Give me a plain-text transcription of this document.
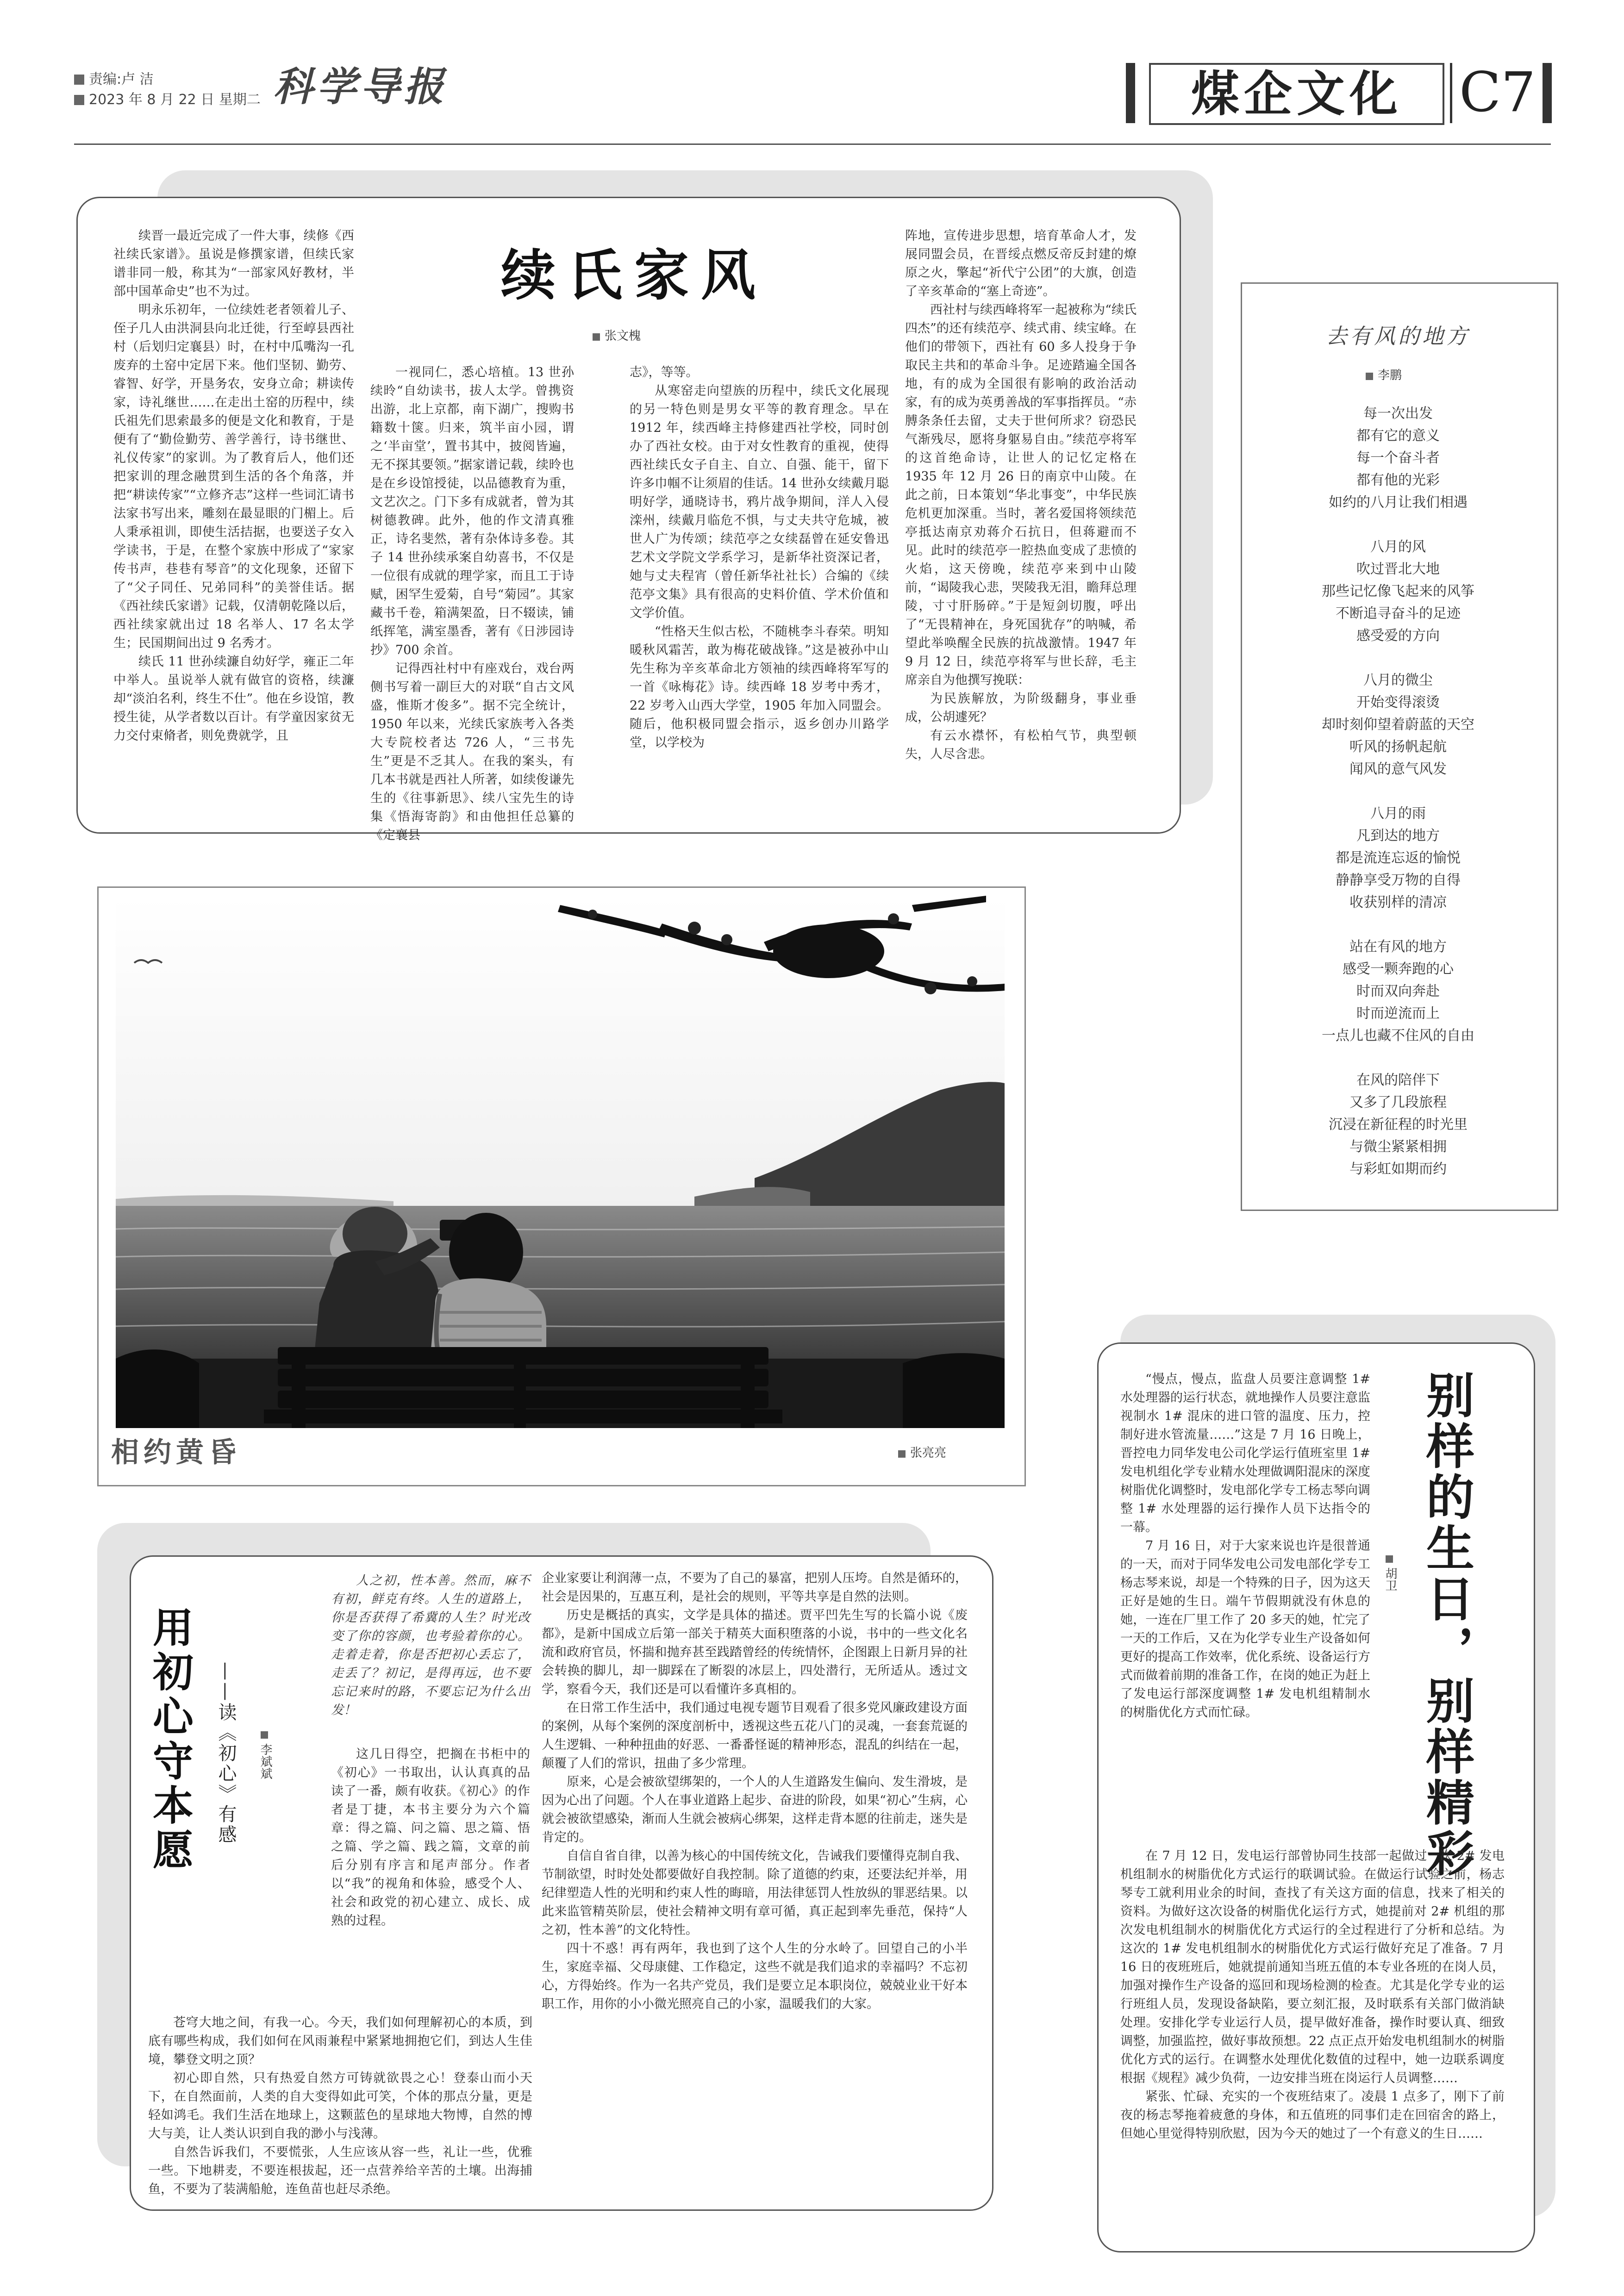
责编:卢 洁
2023 年 8 月 22 日 星期二 科学导报	煤企文化	C7
续氏家风
张文槐

续晋一最近完成了一件大事，续修《西社续氏家谱》。虽说是修撰家谱，但续氏家谱非同一般，称其为“一部家风好教材，半部中国革命史”也不为过。

明永乐初年，一位续姓老者领着儿子、侄子几人由洪洞县向北迁徙，行至崞县西社村（后划归定襄县）时，在村中瓜嘴沟一孔废弃的土窑中定居下来。他们坚韧、勤劳、睿智、好学，开垦务农，安身立命；耕读传家，诗礼继世……在走出土窑的历程中，续氏祖先们思索最多的便是文化和教育，于是便有了“勤俭勤劳、善学善行，诗书继世、礼仪传家”的家训。为了教育后人，他们还把家训的理念融贯到生活的各个角落，并把“耕读传家”“立修齐志”这样一些词汇请书法家书写出来，雕刻在最显眼的门楣上。后人秉承祖训，即使生活拮据，也要送子女入学读书，于是，在整个家族中形成了“家家传书声，巷巷有琴音”的文化现象，还留下了“父子同任、兄弟同科”的美誉佳话。据《西社续氏家谱》记载，仅清朝乾隆以后，西社续家就出过 18 名举人、17 名太学生；民国期间出过 9 名秀才。

续氏 11 世孙续濂自幼好学，雍正二年中举人。虽说举人就有做官的资格，续濂却“淡泊名利，终生不仕”。他在乡设馆，教授生徒，从学者数以百计。有学童因家贫无力交付束脩者，则免费就学，且

一视同仁，悉心培植。13 世孙续昤“自幼读书，拔人太学。曾携资出游，北上京都，南下湖广，搜购书籍数十箧。归来，筑半亩小园，谓之‘半亩堂’，置书其中，披阅皆遍，无不探其要领。”据家谱记载，续昤也是在乡设馆授徒，以品德教育为重，文艺次之。门下多有成就者，曾为其树德教碑。此外，他的作文清真雅正，诗名斐然，著有杂体诗多卷。其子 14 世孙续承案自幼喜书，不仅是一位很有成就的理学家，而且工于诗赋，困罕生爱菊，自号“菊园”。其家藏书千卷，箱满架盈，日不辍读，铺纸挥笔，满室墨香，著有《日涉园诗抄》700 余首。

记得西社村中有座戏台，戏台两侧书写着一副巨大的对联“自古文风盛，惟斯才俊多”。据不完全统计，1950 年以来，光续氏家族考入各类大专院校者达 726 人，“三书先生”更是不乏其人。在我的案头，有几本书就是西社人所著，如续俊谦先生的《往事新思》、续八宝先生的诗集《悟海寄韵》和由他担任总纂的《定襄县

志》，等等。

从寒窑走向望族的历程中，续氏文化展现的另一特色则是男女平等的教育理念。早在 1912 年，续西峰主持修建西社学校，同时创办了西社女校。由于对女性教育的重视，使得西社续氏女子自主、自立、自强、能干，留下许多巾帼不让须眉的佳话。14 世孙女续戴月聪明好学，通晓诗书，鸦片战争期间，洋人入侵滦州，续戴月临危不惧，与丈夫共守危城，被世人广为传颂；续范亭之女续磊曾在延安鲁迅艺术文学院文学系学习，是新华社资深记者，她与丈夫程宵（曾任新华社社长）合编的《续范亭文集》具有很高的史料价值、学术价值和文学价值。

“性格天生似古松，不随桃李斗春荣。明知暖秋风霜苦，敢为梅花破战锋。”这是被孙中山先生称为辛亥革命北方领袖的续西峰将军写的一首《咏梅花》诗。续西峰 18 岁考中秀才，22 岁考入山西大学堂，1905 年加入同盟会。随后，他积极同盟会指示，返乡创办川路学堂，以学校为

阵地，宣传进步思想，培育革命人才，发展同盟会员，在晋绥点燃反帝反封建的燎原之火，擎起“祈代宁公团”的大旗，创造了辛亥革命的“塞上奇迹”。

西社村与续西峰将军一起被称为“续氏四杰”的还有续范亭、续式甫、续宝峰。在他们的带领下，西社有 60 多人投身于争取民主共和的革命斗争。足迹踏遍全国各地，有的成为全国很有影响的政治活动家，有的成为英勇善战的军事指挥员。“赤膊条条任去留，丈夫于世何所求？窃恐民气渐残尽，愿将身躯易自由。”续范亭将军的这首绝命诗，让世人的记忆定格在 1935 年 12 月 26 日的南京中山陵。在此之前，日本策划“华北事变”，中华民族危机更加深重。当时，著名爱国将领续范亭抵达南京劝蒋介石抗日，但蒋避而不见。此时的续范亭一腔热血变成了悲愤的火焰，这天傍晚，续范亭来到中山陵前，“谒陵我心悲，哭陵我无泪，瞻拜总理陵，寸寸肝肠碎。”于是短剑切腹，呼出了“无畏精神在，身死国犹存”的呐喊，希望此举唤醒全民族的抗战激情。1947 年 9 月 12 日，续范亭将军与世长辞，毛主席亲自为他撰写挽联：

为民族解放，为阶级翻身，事业垂成，公胡遽死？

有云水襟怀，有松柏气节，典型顿失，人尽含悲。

去有风的地方
李鹏
每一次出发
都有它的意义
每一个奋斗者
都有他的光彩
如约的八月让我们相遇
八月的风
吹过晋北大地
那些记忆像飞起来的风筝
不断追寻奋斗的足迹
感受爱的方向
八月的微尘
开始变得滚烫
却时刻仰望着蔚蓝的天空
听风的扬帆起航
闻风的意气风发
八月的雨
凡到达的地方
都是流连忘返的愉悦
静静享受万物的自得
收获别样的清凉
站在有风的地方
感受一颗奔跑的心
时而双向奔赴
时而逆流而上
一点儿也藏不住风的自由
在风的陪伴下
又多了几段旅程
沉浸在新征程的时光里
与微尘紧紧相拥
与彩虹如期而约
相约黄昏	张亮亮	别样的生日，别样精彩
胡卫

“慢点，慢点，监盘人员要注意调整 1# 水处理器的运行状态，就地操作人员要注意监视制水 1# 混床的进口管的温度、压力，控制好进水管流量……”这是 7 月 16 日晚上，晋控电力同华发电公司化学运行值班室里 1# 发电机组化学专业精水处理做调阳混床的深度树脂优化调整时，发电部化学专工杨志琴向调整 1# 水处理器的运行操作人员下达指令的一幕。

7 月 16 日，对于大家来说也许是很普通的一天，而对于同华发电公司发电部化学专工杨志琴来说，却是一个特殊的日子，因为这天正好是她的生日。端午节假期就没有休息的她，一连在厂里工作了 20 多天的她，忙完了一天的工作后，又在为化学专业生产设备如何更好的提高工作效率，优化系统、设备运行方式而做着前期的准备工作，在岗的她正为赶上了发电运行部深度调整 1# 发电机组精制水的树脂优化方式而忙碌。

在 7 月 12 日，发电运行部曾协同生技部一起做过一次 2# 发电机组制水的树脂优化方式运行的联调试验。在做运行试验之前，杨志琴专工就利用业余的时间，查找了有关这方面的信息，找来了相关的资料。为做好这次设备的树脂优化运行方式，她提前对 2# 机组的那次发电机组制水的树脂优化方式运行的全过程进行了分析和总结。为这次的 1# 发电机组制水的树脂优化方式运行做好充足了准备。7 月 16 日的夜班班后，她就提前通知当班五值的本专业各班的在岗人员，加强对操作生产设备的巡回和现场检测的检查。尤其是化学专业的运行班组人员，发现设备缺陷，要立刻汇报，及时联系有关部门做消缺处理。安排化学专业运行人员，提早做好准备，操作时要认真、细致调整，加强监控，做好事故预想。22 点正点开始发电机组制水的树脂优化方式的运行。在调整水处理优化数值的过程中，她一边联系调度根据《规程》减少负荷，一边安排当班在岗运行人员调整……

紧张、忙碌、充实的一个夜班结束了。凌晨 1 点多了，刚下了前夜的杨志琴拖着疲惫的身体，和五值班的同事们走在回宿舍的路上，但她心里觉得特别欣慰，因为今天的她过了一个有意义的生日……

用初心守本愿 ——读《初心》有感 李斌斌
人之初，性本善。然而，麻不有初，鲜克有终。人生的道路上，你是否获得了希冀的人生？时光改变了你的容颜，也考验着你的心。走着走着，你是否把初心丢忘了，走丢了？初记，是得再远，也不要忘记来时的路，不要忘记为什么出发！

这几日得空，把搁在书柜中的《初心》一书取出，认认真真的品读了一番，颇有收获。《初心》的作者是丁捷，本书主要分为六个篇章：得之篇、问之篇、思之篇、悟之篇、学之篇、践之篇，文章的前后分别有序言和尾声部分。作者以“我”的视角和体验，感受个人、社会和政党的初心建立、成长、成熟的过程。

苍穹大地之间，有我一心。今天，我们如何理解初心的本质，到底有哪些构成，我们如何在风雨兼程中紧紧地拥抱它们，到达人生佳境，攀登文明之顶？

初心即自然，只有热爱自然方可铸就欲畏之心！登泰山而小天下，在自然面前，人类的自大变得如此可笑，个体的那点分量，更是轻如鸿毛。我们生活在地球上，这颗蓝色的星球地大物博，自然的博大与美，让人类认识到自我的渺小与浅薄。

自然告诉我们，不要慌张，人生应该从容一些，礼让一些，优雅一些。下地耕麦，不要连根拔起，还一点营养给辛苦的土壤。出海捕鱼，不要为了装满船舱，连鱼苗也赶尽杀绝。

企业家要让利润薄一点，不要为了自己的暴富，把别人压垮。自然是循环的，社会是因果的，互惠互利，是社会的规则，平等共享是自然的法则。

历史是概括的真实，文学是具体的描述。贾平凹先生写的长篇小说《废都》，是新中国成立后第一部关于精英大面积堕落的小说，书中的一些文化名流和政府官员，怀揣和抛弃甚至践踏曾经的传统情怀，企图跟上日新月异的社会转换的脚儿，却一脚踩在了断裂的冰层上，四处潜行，无所适从。透过文学，察看今天，我们还是可以看懂许多真相的。

在日常工作生活中，我们通过电视专题节目观看了很多党风廉政建设方面的案例，从每个案例的深度剖析中，透视这些五花八门的灵魂，一套套荒诞的人生逻辑、一种种扭曲的好恶、一番番怪诞的精神形态，混乱的纠结在一起，颠覆了人们的常识，扭曲了多少常理。

原来，心是会被欲望绑架的，一个人的人生道路发生偏向、发生滑坡，是因为心出了问题。个人在事业道路上起步、奋进的阶段，如果“初心”生病，心就会被欲望感染，渐而人生就会被病心绑架，这样走背本愿的往前走，迷失是肯定的。

自信自省自律，以善为核心的中国传统文化，告诫我们要懂得克制自我、节制欲望，时时处处都要做好自我控制。除了道德的约束，还要法纪并举，用纪律塑造人性的光明和约束人性的晦暗，用法律惩罚人性放纵的罪恶结果。以此来监管精英阶层，使社会精神文明有章可循，真正起到率先垂范，保持“人之初，性本善”的文化特性。

四十不惑！再有两年，我也到了这个人生的分水岭了。回望自己的小半生，家庭幸福、父母康健、工作稳定，这些不就是我们追求的幸福吗？不忘初心，方得始终。作为一名共产党员，我们是要立足本职岗位，兢兢业业干好本职工作，用你的小小微光照亮自己的小家，温暖我们的大家。
